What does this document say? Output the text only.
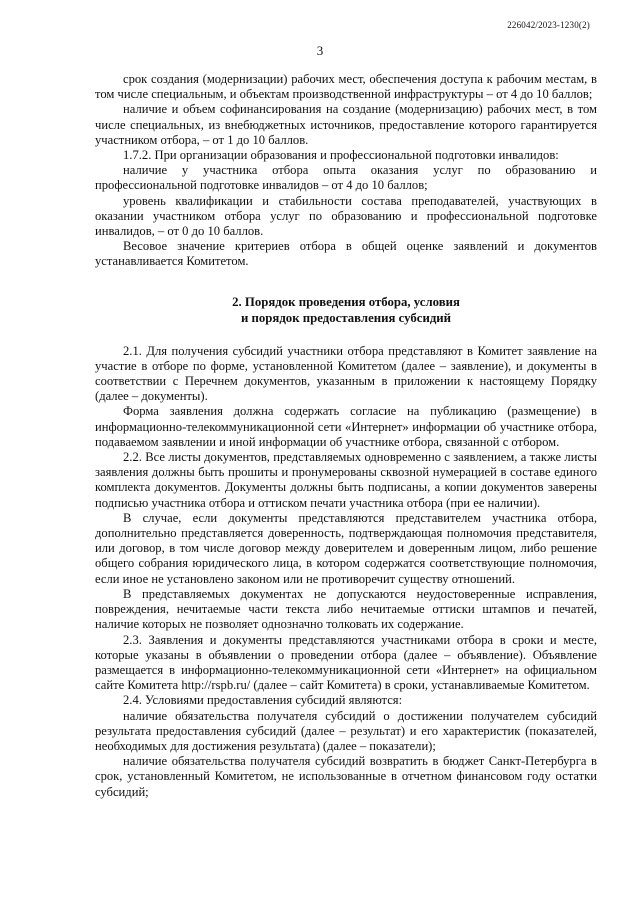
226042/2023-1230(2)
3

срок создания (модернизации) рабочих мест, обеспечения доступа к рабочим местам, в том числе специальным, и объектам производственной инфраструктуры – от 4 до 10 баллов;

наличие и объем софинансирования на создание (модернизацию) рабочих мест, в том числе специальных, из внебюджетных источников, предоставление которого гарантируется участником отбора, – от 1 до 10 баллов.

1.7.2. При организации образования и профессиональной подготовки инвалидов:

наличие у участника отбора опыта оказания услуг по образованию и профессиональной подготовке инвалидов – от 4 до 10 баллов;

уровень квалификации и стабильности состава преподавателей, участвующих в оказании участником отбора услуг по образованию и профессиональной подготовке инвалидов, – от 0 до 10 баллов.

Весовое значение критериев отбора в общей оценке заявлений и документов устанавливается Комитетом.

2. Порядок проведения отбора, условия
и порядок предоставления субсидий

2.1. Для получения субсидий участники отбора представляют в Комитет заявление на участие в отборе по форме, установленной Комитетом (далее – заявление), и документы в соответствии с Перечнем документов, указанным в приложении к настоящему Порядку (далее – документы).

Форма заявления должна содержать согласие на публикацию (размещение) в информационно-телекоммуникационной сети «Интернет» информации об участнике отбора, подаваемом заявлении и иной информации об участнике отбора, связанной с отбором.

2.2. Все листы документов, представляемых одновременно с заявлением, а также листы заявления должны быть прошиты и пронумерованы сквозной нумерацией в составе единого комплекта документов. Документы должны быть подписаны, а копии документов заверены подписью участника отбора и оттиском печати участника отбора (при ее наличии).

В случае, если документы представляются представителем участника отбора, дополнительно представляется доверенность, подтверждающая полномочия представителя, или договор, в том числе договор между доверителем и доверенным лицом, либо решение общего собрания юридического лица, в котором содержатся соответствующие полномочия, если иное не установлено законом или не противоречит существу отношений.

В представляемых документах не допускаются неудостоверенные исправления, повреждения, нечитаемые части текста либо нечитаемые оттиски штампов и печатей, наличие которых не позволяет однозначно толковать их содержание.

2.3. Заявления и документы представляются участниками отбора в сроки и месте, которые указаны в объявлении о проведении отбора (далее – объявление). Объявление размещается в информационно-телекоммуникационной сети «Интернет» на официальном сайте Комитета http://rspb.ru/ (далее – сайт Комитета) в сроки, устанавливаемые Комитетом.

2.4. Условиями предоставления субсидий являются:

наличие обязательства получателя субсидий о достижении получателем субсидий результата предоставления субсидий (далее – результат) и его характеристик (показателей, необходимых для достижения результата) (далее – показатели);

наличие обязательства получателя субсидий возвратить в бюджет Санкт-Петербурга в срок, установленный Комитетом, не использованные в отчетном финансовом году остатки субсидий;
